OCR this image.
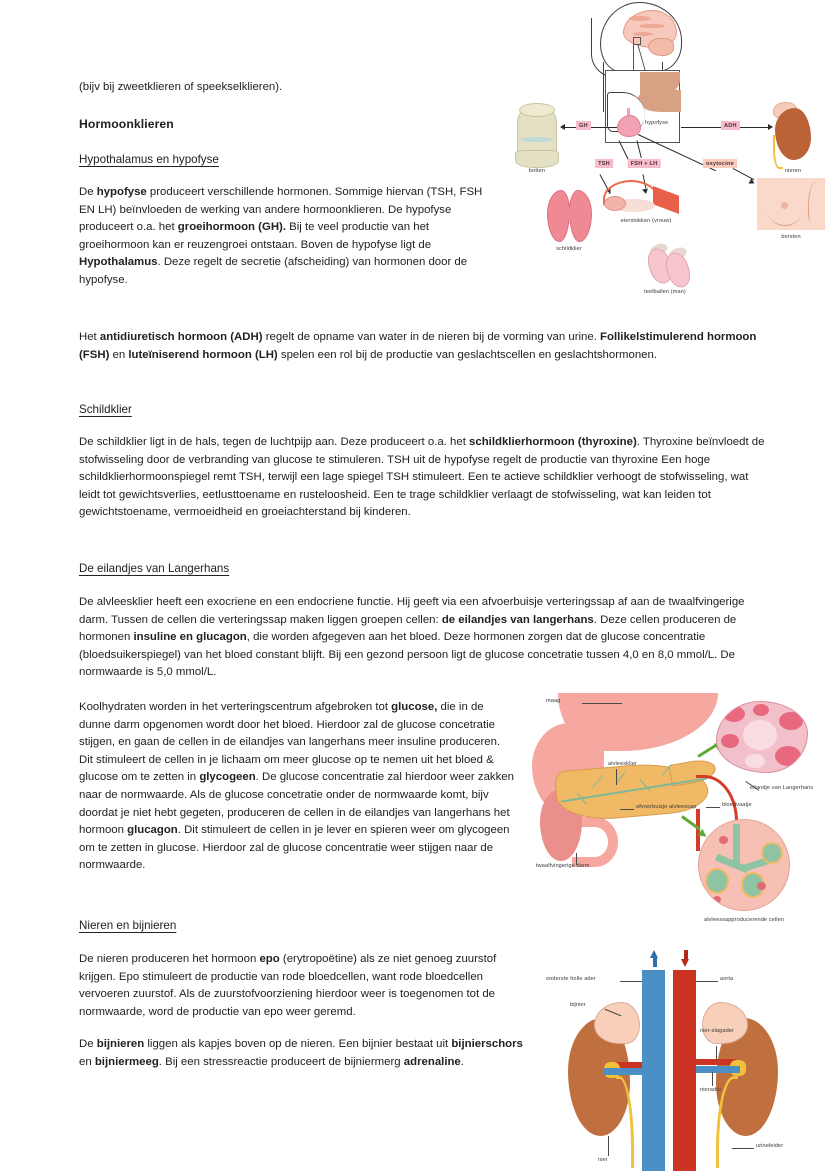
(bijv bij zweetklieren of speekselklieren).
Hormoonklieren
Hypothalamus en hypofyse
De hypofyse produceert verschillende hormonen. Sommige hiervan (TSH, FSH EN LH) beïnvloeden de werking van andere hormoonklieren. De hypofyse produceert o.a. het groeihormoon (GH). Bij te veel productie van het groeihormoon kan er reuzengroei ontstaan. Boven de hypofyse ligt de Hypothalamus. Deze regelt de secretie (afscheiding) van hormonen door de hypofyse.
Het antidiuretisch hormoon (ADH) regelt de opname van water in de nieren bij de vorming van urine. Follikelstimulerend hormoon (FSH) en luteïniserend hormoon (LH) spelen een rol bij de productie van geslachtscellen en geslachtshormonen.
Schildklier
De schildklier ligt in de hals, tegen de luchtpijp aan. Deze produceert o.a. het schildklierhormoon (thyroxine). Thyroxine beïnvloedt de stofwisseling door de verbranding van glucose te stimuleren. TSH uit de hypofyse regelt de productie van thyroxine Een hoge schildklierhormoonspiegel remt TSH, terwijl een lage spiegel TSH stimuleert. Een te actieve schildklier verhoogt de stofwisseling, wat leidt tot gewichtsverlies, eetlusttoename en rusteloosheid. Een te trage schildklier verlaagt de stofwisseling, wat kan leiden tot gewichtstoename, vermoeidheid en groeiachterstand bij kinderen.
De eilandjes van Langerhans
De alvleesklier heeft een exocriene en een endocriene functie. Hij geeft via een afvoerbuisje verteringssap af aan de twaalfvingerige darm. Tussen de cellen die verteringssap maken liggen groepen cellen: de eilandjes van langerhans. Deze cellen produceren de hormonen insuline en glucagon, die worden afgegeven aan het bloed. Deze hormonen zorgen dat de glucose concentratie (bloedsuikerspiegel) van het bloed constant blijft. Bij een gezond persoon ligt de glucose concetratie tussen 4,0 en 8,0 mmol/L. De normwaarde is 5,0 mmol/L.
Koolhydraten worden in het verteringscentrum afgebroken tot glucose, die in de dunne darm opgenomen wordt door het bloed. Hierdoor zal de glucose concetratie stijgen, en gaan de cellen in de eilandjes van langerhans meer insuline produceren. Dit stimuleert de cellen in je lichaam om meer glucose op te nemen uit het bloed & glucose om te zetten in glycogeen. De glucose concentratie zal hierdoor weer zakken naar de normwaarde. Als de glucose concetratie onder de normwaarde komt, bijv doordat je niet hebt gegeten, produceren de cellen in de eilandjes van langerhans het hormoon glucagon. Dit stimuleert de cellen in je lever en spieren weer om glycogeen om te zetten in glucose. Hierdoor zal de glucose concentratie weer stijgen naar de normwaarde.
Nieren en bijnieren
De nieren produceren het hormoon epo (erytropoëtine) als ze niet genoeg zuurstof krijgen. Epo stimuleert de productie van rode bloedcellen, want rode bloedcellen vervoeren zuurstof. Als de zuurstofvoorziening hierdoor weer is toegenomen tot de normwaarde, word de productie van epo weer geremd.
De bijnieren liggen als kapjes boven op de nieren. Een bijnier bestaat uit bijnierschors en bijniermeeg. Bij een stressreactie produceert de bijniermerg adrenaline.
hypofyse
GH
botten
ADH
nieren
TSH
schildklier
FSH + LH
eierstokken (vrouw)
teelballen (man)
oxytocine
borsten
maag
alvleesklier
afvoerbuisje alvleessap
twaalfvingerige darm
eilandje van Langerhans
bloedvaatje
alvleessapproducerende cellen
onderste holle ader	aorta
bijnier
nier-slagader
nierader
nier
urineleider
